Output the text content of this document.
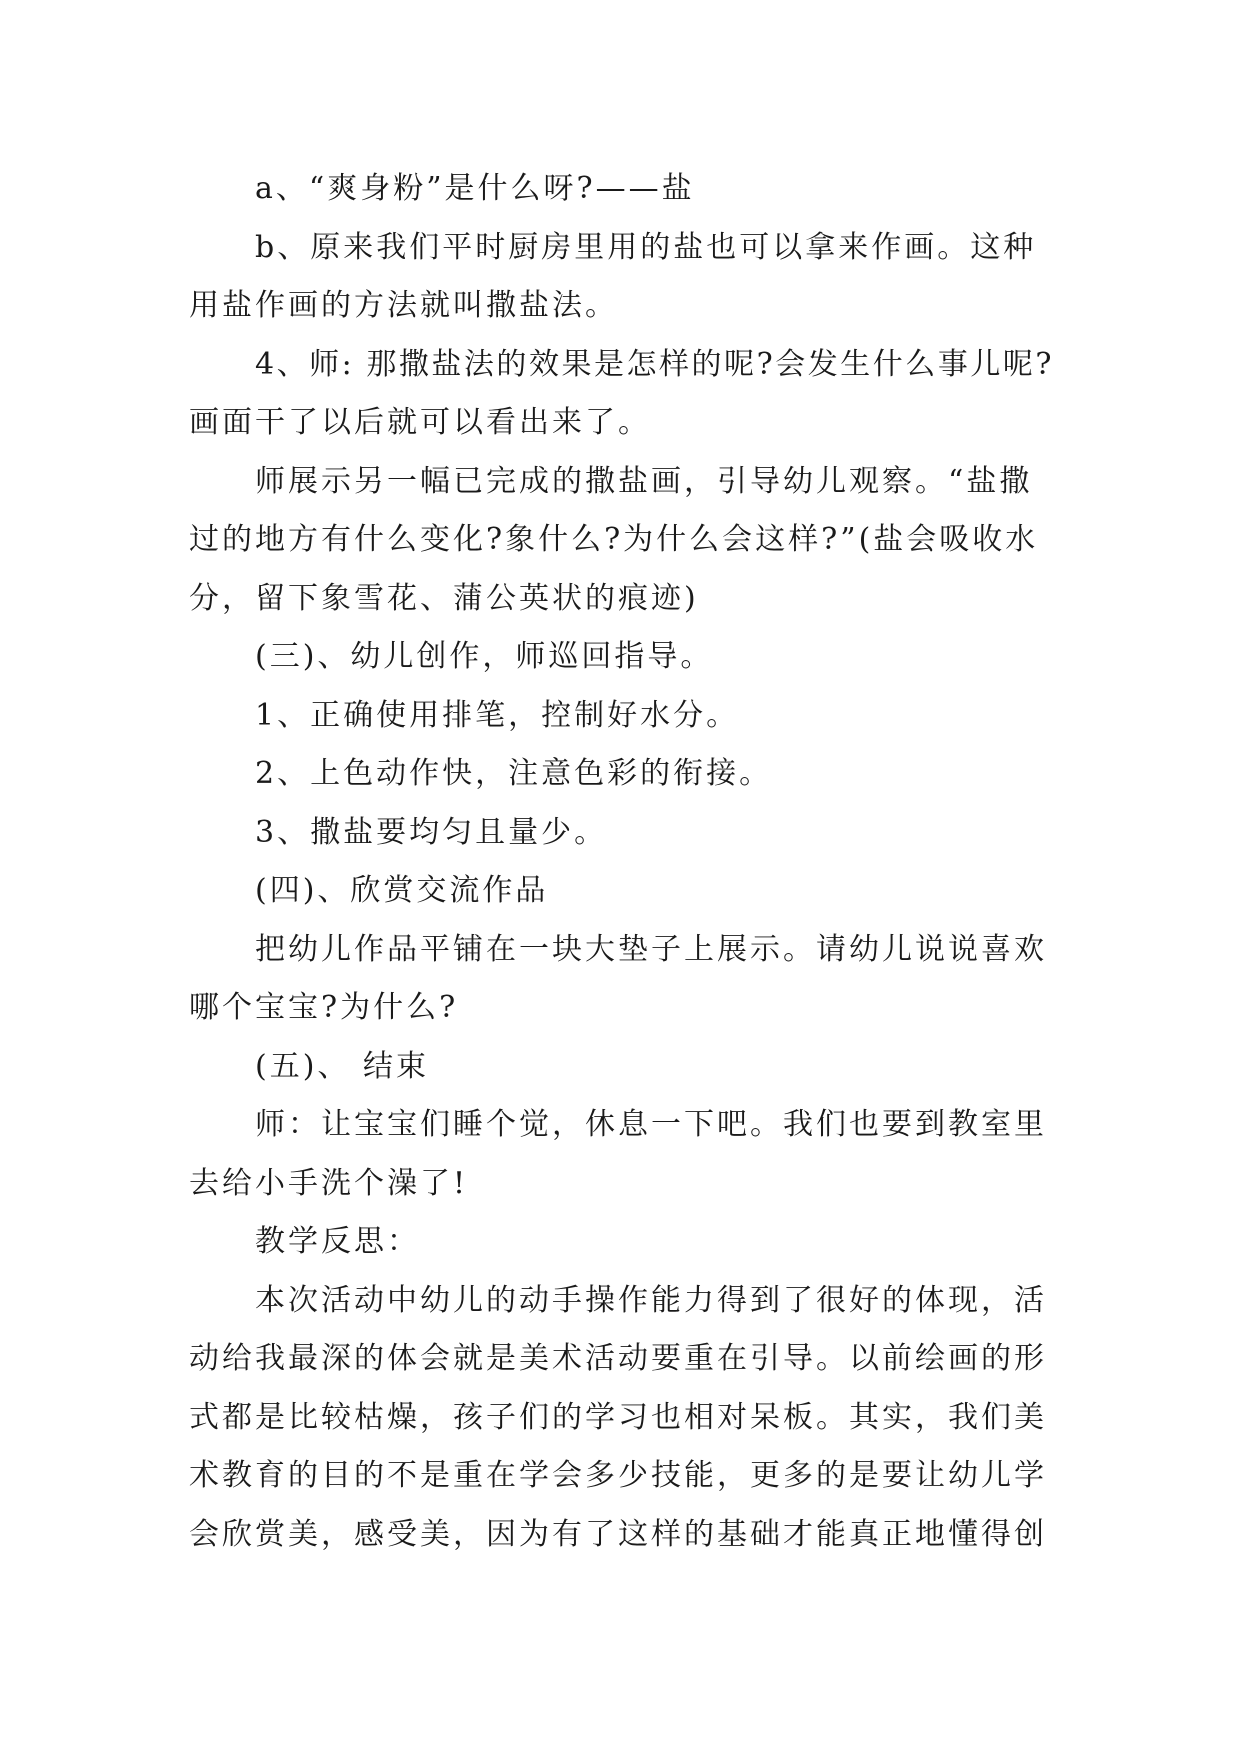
a、“爽身粉”是什么呀?——盐
b、原来我们平时厨房里用的盐也可以拿来作画。这种
用盐作画的方法就叫撒盐法。
4、师: 那撒盐法的效果是怎样的呢?会发生什么事儿呢?
画面干了以后就可以看出来了。
师展示另一幅已完成的撒盐画，引导幼儿观察。“盐撒
过的地方有什么变化?象什么?为什么会这样?”(盐会吸收水
分，留下象雪花、蒲公英状的痕迹)
(三)、幼儿创作，师巡回指导。
1、正确使用排笔，控制好水分。
2、上色动作快，注意色彩的衔接。
3、撒盐要均匀且量少。
(四)、欣赏交流作品
把幼儿作品平铺在一块大垫子上展示。请幼儿说说喜欢
哪个宝宝?为什么?
(五)、 结束
师：让宝宝们睡个觉，休息一下吧。我们也要到教室里
去给小手洗个澡了!
教学反思：
本次活动中幼儿的动手操作能力得到了很好的体现，活
动给我最深的体会就是美术活动要重在引导。以前绘画的形
式都是比较枯燥，孩子们的学习也相对呆板。其实，我们美
术教育的目的不是重在学会多少技能，更多的是要让幼儿学
会欣赏美，感受美，因为有了这样的基础才能真正地懂得创
